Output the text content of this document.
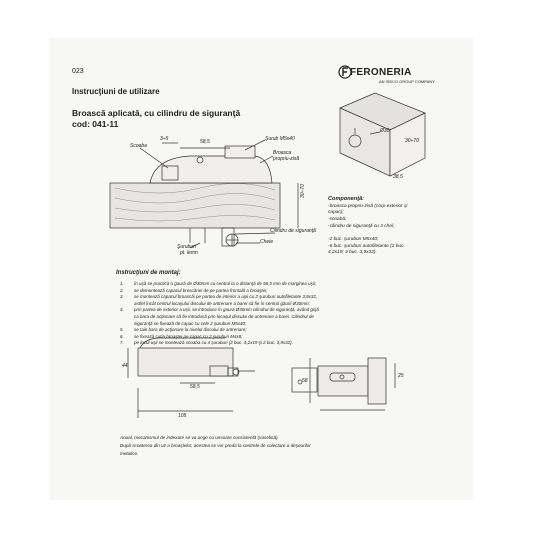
023
Instrucţiuni de utilizare
Broască aplicată, cu cilindru de siguranţă
cod: 041-11
FERONERIA
AN ISECO GROUP COMPANY
3÷5	58,5
Scoaba
Şurub M5x40
Broasca
propriu-zisă
30÷70
Cilindru de siguranţă
Cheie
Şuruburi
pt. lemn
30÷70
38,5
Ø30
Componenţă:
-broasca propriu-zisă (corp exterior şi capac);
-scoabă;
-cilindru de siguranţă cu 3 chei;
-2 buc. şuruburi M5x40;
-6 buc. şuruburi autofiletante (2 buc. 4,2x19; 4 buc. 3,9x32).
Instrucţiuni de montaj:
1. în uşă se practică o gaură de Ø30mm cu centrul la o distanţă de 58,5 mm de marginea uşii;
2. se demontează capacul broscăriei de pe partea frontală a broaştei;
3. se montează capacul broascăi pe partea de interior a uşii cu 2 şuruburi autofiletante 3,9x32,
astfel încât centrul locaşului discului de antrenare a barei să fie în centrul găurii Ø30mm;
4. prin partea de exterior a uşii, se introduce în gaura Ø30mm cilindrul de siguranţă, având grijă
ca bara de acţionare să fie introdusă prin locaşul discului de antrenare a barei. Cilindrul de
siguranţă se fixează de capac cu cele 2 şuruburi M5x40;
5. se taie bara de acţionare la nivelul discului de antrenare;
6. se fixează cutia broaştei pe capac cu 2 şuruburi M4x8;
7. pe locul uşii se montează scoaba cu 4 şuruburi (2 buc. 4,2x19 şi 2 buc. 3,9x32).
44
58,5
105
58
25
Anual, mecanismul de indexare se va unge cu unsoare consistentă (vaselină).
După scoaterea din uz a broaştelor, acestea se vor preda la centrele de colectare a deşeurilor
metalice.
